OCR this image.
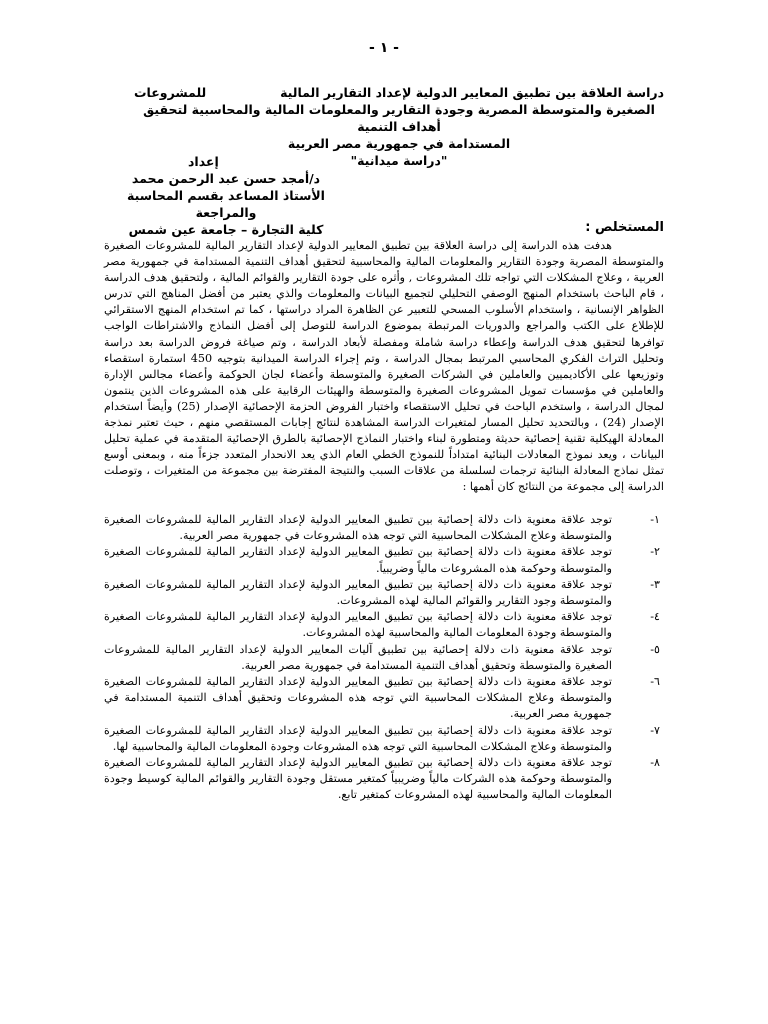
- ١ -
دراسة العلاقة بين تطبيق المعايير الدولية لإعداد التقارير المالية
للمشروعات
الصغيرة والمتوسطة المصرية وجودة التقارير والمعلومات المالية والمحاسبية لتحقيق أهداف التنمية
المستدامة في جمهورية مصر العربية
"دراسة ميدانية"
إعداد
د/أمجد حسن عبد الرحمن محمد
الأستاذ المساعد بقسم المحاسبة والمراجعة
كلية التجارة – جامعة عين شمس	المستخلص :

هدفت هذه الدراسة إلى دراسة العلاقة بين تطبيق المعايير الدولية لإعداد التقارير المالية للمشروعات الصغيرة والمتوسطة المصرية وجودة التقارير والمعلومات المالية والمحاسبية لتحقيق أهداف التنمية المستدامة في جمهورية مصر العربية ، وعلاج المشكلات التي تواجه تلك المشروعات , وأثره على جودة التقارير والقوائم المالية ، ولتحقيق هدف الدراسة ، قام الباحث باستخدام المنهج الوصفي التحليلي لتجميع البيانات والمعلومات والذي يعتبر من أفضل المناهج التي تدرس الظواهر الإنسانية ، واستخدام الأسلوب المسحي للتعبير عن الظاهرة المراد دراستها ، كما تم استخدام المنهج الاستقرائي للإطلاع على الكتب والمراجع والدوريات المرتبطة بموضوع الدراسة للتوصل إلى أفضل النماذج والاشتراطات الواجب توافرها لتحقيق هدف الدراسة وإعطاء دراسة شاملة ومفصلة لأبعاد الدراسة ، وتم صياغة فروض الدراسة بعد دراسة وتحليل التراث الفكري المحاسبي المرتبط بمجال الدراسة ، وتم إجراء الدراسة الميدانية بتوجيه 450 استمارة استقصاء وتوزيعها على الأكاديميين والعاملين في الشركات الصغيرة والمتوسطة وأعضاء لجان الحوكمة وأعضاء مجالس الإدارة والعاملين في مؤسسات تمويل المشروعات الصغيرة والمتوسطة والهيئات الرقابية على هذه المشروعات الذين ينتمون لمجال الدراسة ، واستخدم الباحث في تحليل الاستقصاء واختبار الفروض الحزمة الإحصائية الإصدار (25) وأيضاً استخدام الإصدار (24) ، وبالتحديد تحليل المسار لمتغيرات الدراسة المشاهدة لنتائج إجابات المستقصي منهم ، حيث تعتبر نمذجة المعادلة الهيكلية تقنية إحصائية حديثة ومتطورة لبناء واختبار النماذج الإحصائية بالطرق الإحصائية المتقدمة في عملية تحليل البيانات ، ويعد نموذج المعادلات البنائية امتداداً للنموذج الخطي العام الذي يعد الانحدار المتعدد جزءاً منه ، وبمعنى أوسع تمثل نماذج المعادلة البنائية ترجمات لسلسلة من علاقات السبب والنتيجة المفترضة بين مجموعة من المتغيرات ، وتوصلت الدراسة إلى مجموعة من النتائج كان أهمها :

١-
توجد علاقة معنوية ذات دلالة إحصائية بين تطبيق المعايير الدولية لإعداد التقارير المالية للمشروعات الصغيرة والمتوسطة وعلاج المشكلات المحاسبية التي توجه هذه المشروعات في جمهورية مصر العربية.
٢-
توجد علاقة معنوية ذات دلالة إحصائية بين تطبيق المعايير الدولية لإعداد التقارير المالية للمشروعات الصغيرة والمتوسطة وحوكمة هذه المشروعات مالياً وضريبياً.
٣-
توجد علاقة معنوية ذات دلالة إحصائية بين تطبيق المعايير الدولية لإعداد التقارير المالية للمشروعات الصغيرة والمتوسطة وجود التقارير والقوائم المالية لهذه المشروعات.
٤-
توجد علاقة معنوية ذات دلالة إحصائية بين تطبيق المعايير الدولية لإعداد التقارير المالية للمشروعات الصغيرة والمتوسطة وجودة المعلومات المالية والمحاسبية لهذه المشروعات.
٥-
توجد علاقة معنوية ذات دلالة إحصائية بين تطبيق آليات المعايير الدولية لإعداد التقارير المالية للمشروعات الصغيرة والمتوسطة وتحقيق أهداف التنمية المستدامة في جمهورية مصر العربية.
٦-
توجد علاقة معنوية ذات دلالة إحصائية بين تطبيق المعايير الدولية لإعداد التقارير المالية للمشروعات الصغيرة والمتوسطة وعلاج المشكلات المحاسبية التي توجه هذه المشروعات وتحقيق أهداف التنمية المستدامة في جمهورية مصر العربية.
٧-
توجد علاقة معنوية ذات دلالة إحصائية بين تطبيق المعايير الدولية لإعداد التقارير المالية للمشروعات الصغيرة والمتوسطة وعلاج المشكلات المحاسبية التي توجه هذه المشروعات وجودة المعلومات المالية والمحاسبية لها.
٨-
توجد علاقة معنوية ذات دلالة إحصائية بين تطبيق المعايير الدولية لإعداد التقارير المالية للمشروعات الصغيرة والمتوسطة وحوكمة هذه الشركات مالياً وضريبياً كمتغير مستقل وجودة التقارير والقوائم المالية كوسيط وجودة المعلومات المالية والمحاسبية لهذه المشروعات كمتغير تابع.
